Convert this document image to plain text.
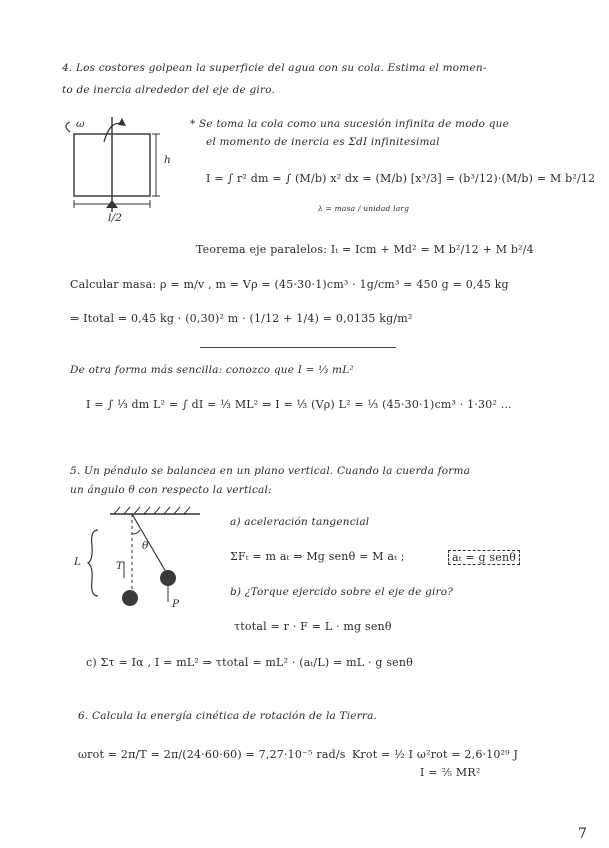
4. Los costores golpean la superficie del agua con su cola. Estima el momen-
to de inercia alrededor del eje de giro.
ω
h
l/2
* Se toma la cola como una sucesión infinita de modo que
el momento de inercia es ΣdI infinitesimal
I = ∫ r² dm = ∫ (M/b) x² dx = (M/b) [x³/3] = (b³/12)·(M/b) = M b²/12
λ = masa / unidad larg
Teorema eje paralelos: Iₜ = Icm + Md² = M b²/12 + M b²/4
Calcular masa: ρ = m/v , m = Vρ = (45·30·1)cm³ · 1g/cm³ = 450 g = 0,45 kg
⇒ Itotal = 0,45 kg · (0,30)² m · (1/12 + 1/4) = 0,0135 kg/m²
De otra forma más sencilla: conozco que I = ⅓ mL²
I = ∫ ⅓ dm L² = ∫ dI = ⅓ ML² ⇒ I = ⅓ (Vρ) L² = ⅓ (45·30·1)cm³ · 1·30² ...
5. Un péndulo se balancea en un plano vertical. Cuando la cuerda forma
un ángulo θ con respecto la vertical:
L
θ
T
P
a) aceleración tangencial
ΣFₜ = m aₜ ⇒ Mg senθ = M aₜ ;	aₜ = g senθ
b) ¿Torque ejercido sobre el eje de giro?
τtotal = r · F = L · mg senθ
c) Στ = Iα , I = mL² ⇒ τtotal = mL² · (aₜ/L) = mL · g senθ
6. Calcula la energía cinética de rotación de la Tierra.
ωrot = 2π/T = 2π/(24·60·60) = 7,27·10⁻⁵ rad/s Krot = ½ I ω²rot = 2,6·10²⁹ J
I = ⅖ MR²
7
